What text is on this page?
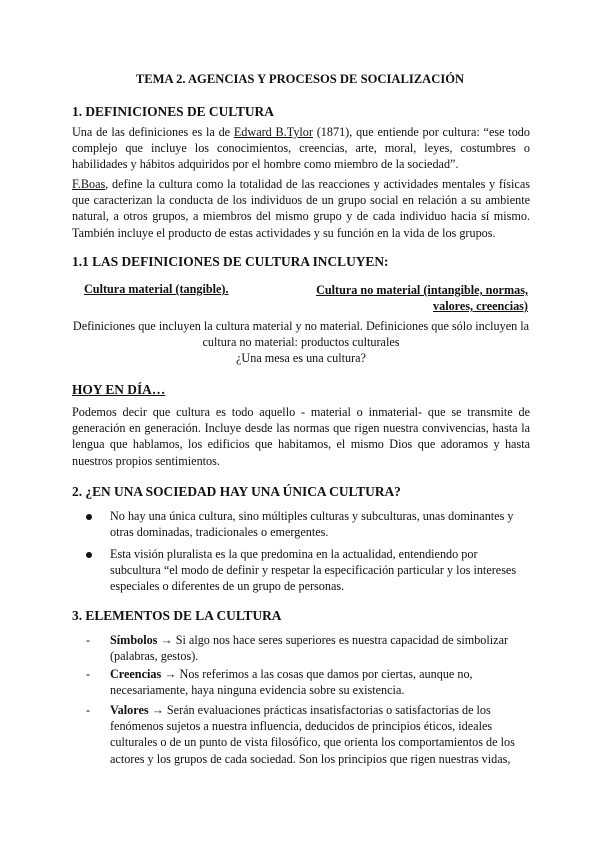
TEMA 2. AGENCIAS Y PROCESOS DE SOCIALIZACIÓN
1. DEFINICIONES DE CULTURA
Una de las definiciones es la de Edward B.Tylor (1871), que entiende por cultura: “ese todo complejo que incluye los conocimientos, creencias, arte, moral, leyes, costumbres o habilidades y hábitos adquiridos por el hombre como miembro de la sociedad”.
F.Boas, define la cultura como la totalidad de las reacciones y actividades mentales y físicas que caracterizan la conducta de los individuos de un grupo social en relación a su ambiente natural, a otros grupos, a miembros del mismo grupo y de cada individuo hacia sí mismo. También incluye el producto de estas actividades y su función en la vida de los grupos.
1.1 LAS DEFINICIONES DE CULTURA INCLUYEN:
Cultura material (tangible).	Cultura no material (intangible, normas, valores, creencias)
Definiciones que incluyen la cultura material y no material. Definiciones que sólo incluyen la
cultura no material: productos culturales
¿Una mesa es una cultura?
HOY EN DÍA…
Podemos decir que cultura es todo aquello - material o inmaterial- que se transmite de generación en generación. Incluye desde las normas que rigen nuestra convivencias, hasta la lengua que hablamos, los edificios que habitamos, el mismo Dios que adoramos y hasta nuestros propios sentimientos.
2. ¿EN UNA SOCIEDAD HAY UNA ÚNICA CULTURA?
No hay una única cultura, sino múltiples culturas y subculturas, unas dominantes y otras dominadas, tradicionales o emergentes.
Esta visión pluralista es la que predomina en la actualidad, entendiendo por subcultura “el modo de definir y respetar la especificación particular y los intereses especiales o diferentes de un grupo de personas.
3. ELEMENTOS DE LA CULTURA
- Símbolos → Si algo nos hace seres superiores es nuestra capacidad de simbolizar (palabras, gestos).
- Creencias → Nos referimos a las cosas que damos por ciertas, aunque no, necesariamente, haya ninguna evidencia sobre su existencia.
- Valores → Serán evaluaciones prácticas insatisfactorias o satisfactorias de los fenómenos sujetos a nuestra influencia, deducidos de principios éticos, ideales culturales o de un punto de vista filosófico, que orienta los comportamientos de los actores y los grupos de cada sociedad. Son los principios que rigen nuestras vidas,
